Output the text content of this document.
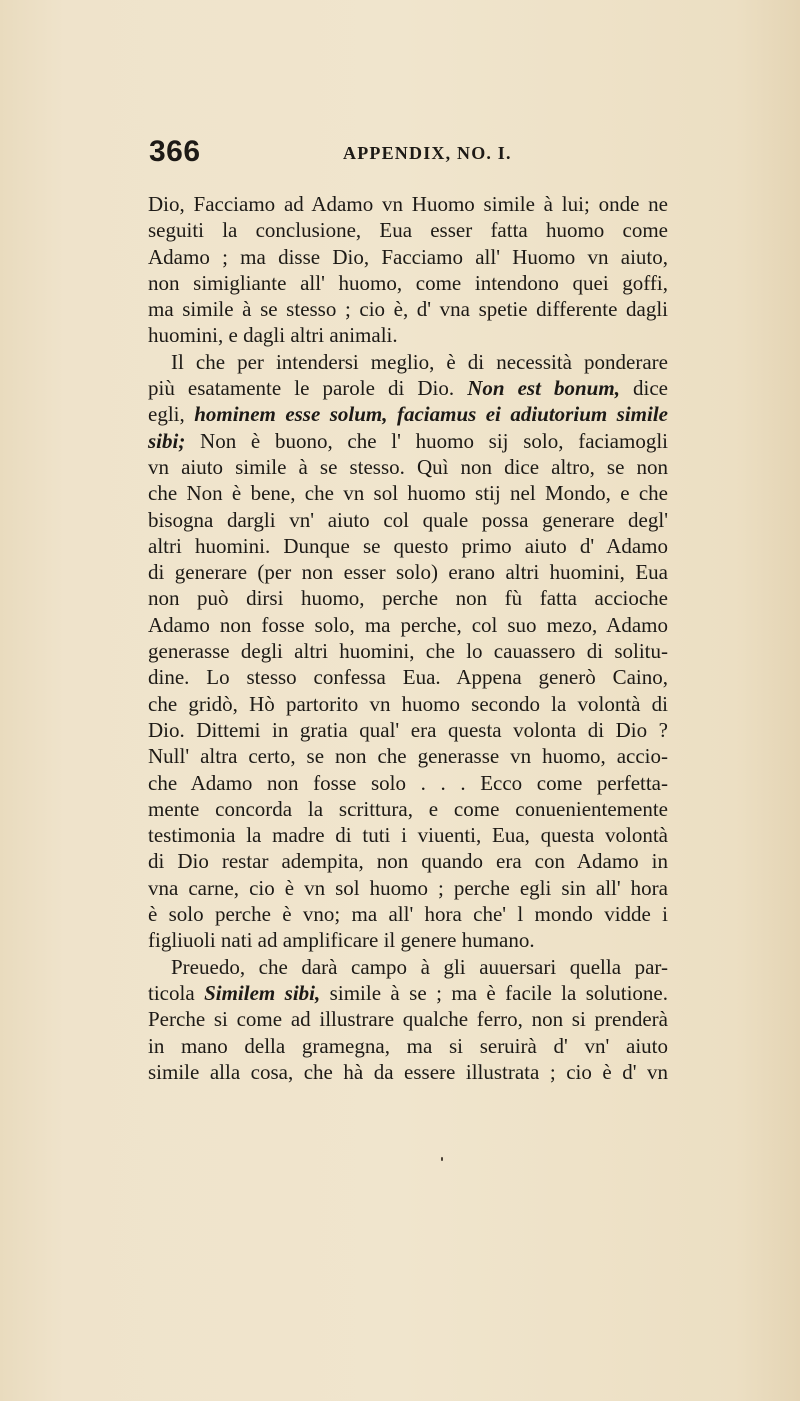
366	APPENDIX, NO. I.
Dio, Facciamo ad Adamo vn Huomo simile à lui; onde ne
seguiti la conclusione, Eua esser fatta huomo come
Adamo ; ma disse Dio, Facciamo all' Huomo vn aiuto,
non simigliante all' huomo, come intendono quei goffi,
ma simile à se stesso ; cio è, d' vna spetie differente dagli
huomini, e dagli altri animali.
Il che per intendersi meglio, è di necessità ponderare
più esatamente le parole di Dio. Non est bonum, dice
egli, hominem esse solum, faciamus ei adiutorium simile
sibi; Non è buono, che l' huomo sij solo, faciamogli
vn aiuto simile à se stesso. Quì non dice altro, se non
che Non è bene, che vn sol huomo stij nel Mondo, e che
bisogna dargli vn' aiuto col quale possa generare degl'
altri huomini. Dunque se questo primo aiuto d' Adamo
di generare (per non esser solo) erano altri huomini, Eua
non può dirsi huomo, perche non fù fatta accioche
Adamo non fosse solo, ma perche, col suo mezo, Adamo
generasse degli altri huomini, che lo cauassero di solitu-
dine. Lo stesso confessa Eua. Appena generò Caino,
che gridò, Hò partorito vn huomo secondo la volontà di
Dio. Dittemi in gratia qual' era questa volonta di Dio ?
Null' altra certo, se non che generasse vn huomo, accio-
che Adamo non fosse solo . . . Ecco come perfetta-
mente concorda la scrittura, e come conuenientemente
testimonia la madre di tuti i viuenti, Eua, questa volontà
di Dio restar adempita, non quando era con Adamo in
vna carne, cio è vn sol huomo ; perche egli sin all' hora
è solo perche è vno; ma all' hora che' l mondo vidde i
figliuoli nati ad amplificare il genere humano.
Preuedo, che darà campo à gli auuersari quella par-
ticola Similem sibi, simile à se ; ma è facile la solutione.
Perche si come ad illustrare qualche ferro, non si prenderà
in mano della gramegna, ma si seruirà d' vn' aiuto
simile alla cosa, che hà da essere illustrata ; cio è d' vn
